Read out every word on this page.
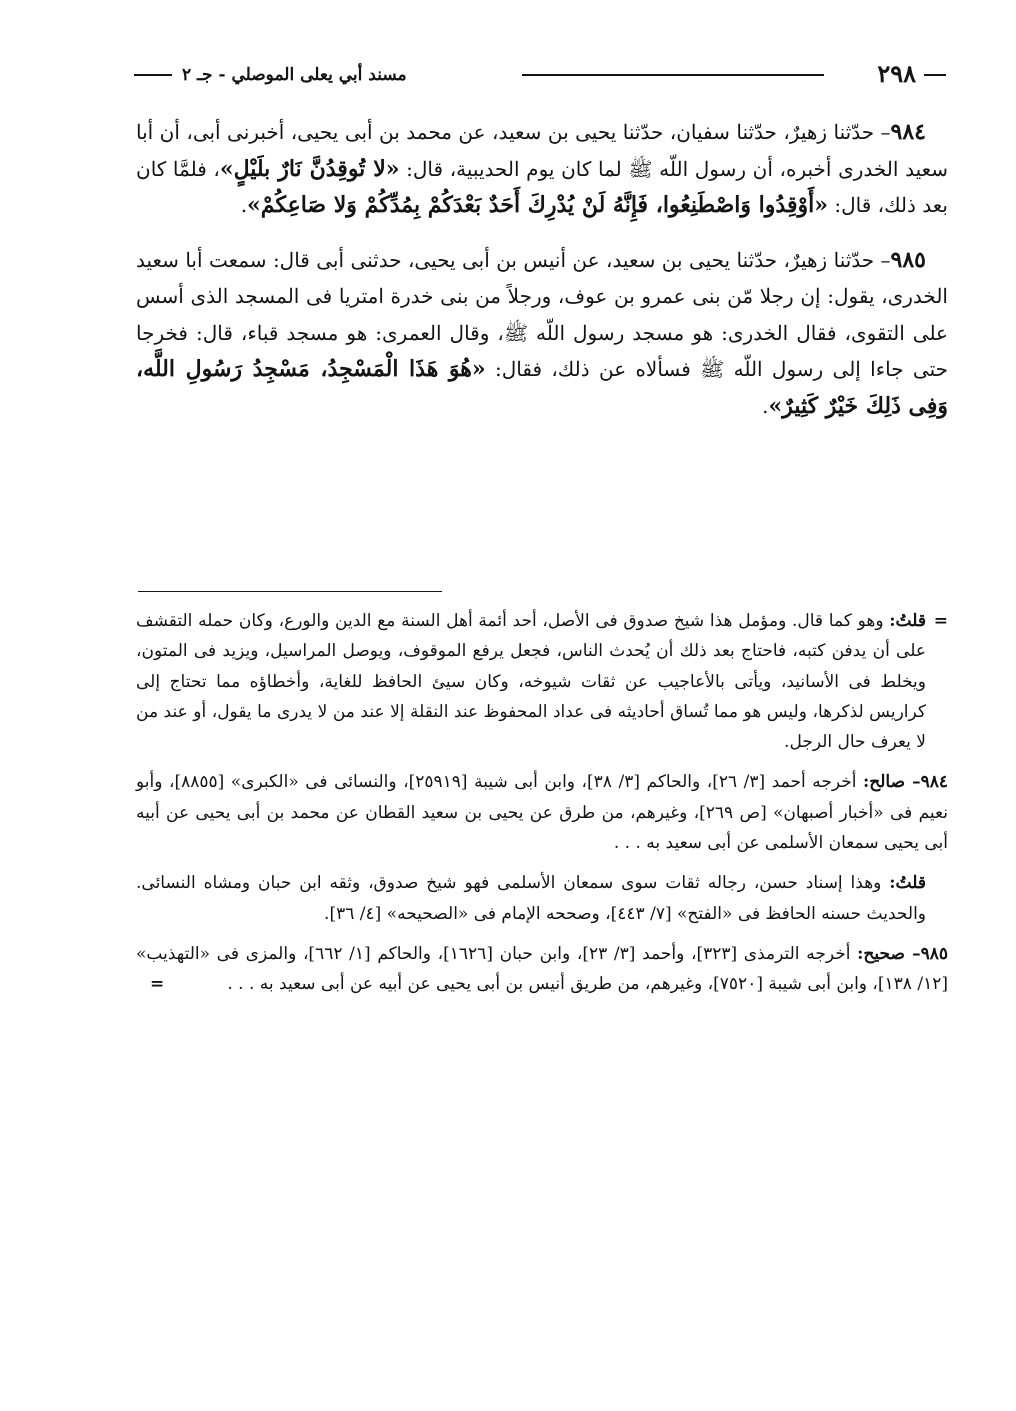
٢٩٨
مسند أبي يعلى الموصلي - جـ ٢

٩٨٤– حدّثنا زهيرٌ، حدّثنا سفيان، حدّثنا يحيى بن سعيد، عن محمد بن أبى يحيى، أخبرنى أبى، أن أبا سعيد الخدرى أخبره، أن رسول اللّه ﷺ لما كان يوم الحديبية، قال: «لا تُوقِدُنَّ نَارٌ بلَيْلٍ»، فلمَّا كان بعد ذلك، قال: «أَوْقِدُوا وَاصْطَنِعُوا، فَإِنَّهُ لَنْ يُدْرِكَ أَحَدٌ بَعْدَكُمْ بِمُدِّكُمْ وَلا صَاعِكُمْ».

٩٨٥– حدّثنا زهيرٌ، حدّثنا يحيى بن سعيد، عن أنيس بن أبى يحيى، حدثنى أبى قال: سمعت أبا سعيد الخدرى، يقول: إن رجلا مّن بنى عمرو بن عوف، ورجلاً من بنى خدرة امتريا فى المسجد الذى أسس على التقوى، فقال الخدرى: هو مسجد رسول اللّه ﷺ، وقال العمرى: هو مسجد قباء، قال: فخرجا حتى جاءا إلى رسول اللّه ﷺ فسألاه عن ذلك، فقال: «هُوَ هَذَا الْمَسْجِدُ، مَسْجِدُ رَسُولِ اللَّه، وَفِى ذَلِكَ خَيْرٌ كَثِيرٌ».

=
قلتُ: وهو كما قال. ومؤمل هذا شيخ صدوق فى الأصل، أحد أئمة أهل السنة مع الدين والورع، وكان حمله التقشف على أن يدفن كتبه، فاحتاج بعد ذلك أن يُحدث الناس، فجعل يرفع الموقوف، ويوصل المراسيل، ويزيد فى المتون، ويخلط فى الأسانيد، ويأتى بالأعاجيب عن ثقات شيوخه، وكان سيئ الحافظ للغاية، وأخطاؤه مما تحتاج إلى كراريس لذكرها، وليس هو مما تُساق أحاديثه فى عداد المحفوظ عند النقلة إلا عند من لا يدرى ما يقول، أو عند من لا يعرف حال الرجل.

٩٨٤– صالح: أخرجه أحمد [٣/ ٢٦]، والحاكم [٣/ ٣٨]، وابن أبى شيبة [٢٥٩١٩]، والنسائى فى «الكبرى» [٨٨٥٥]، وأبو نعيم فى «أخبار أصبهان» [ص ٢٦٩]، وغيرهم، من طرق عن يحيى بن سعيد القطان عن محمد بن أبى يحيى عن أبيه أبى يحيى سمعان الأسلمى عن أبى سعيد به . . .

قلتُ: وهذا إسناد حسن، رجاله ثقات سوى سمعان الأسلمى فهو شيخ صدوق، وثقه ابن حبان ومشاه النسائى. والحديث حسنه الحافظ فى «الفتح» [٧/ ٤٤٣]، وصححه الإمام فى «الصحيحه» [٤/ ٣٦].

٩٨٥– صحيح: أخرجه الترمذى [٣٢٣]، وأحمد [٣/ ٢٣]، وابن حبان [١٦٢٦]، والحاكم [١/ ٦٦٢]، والمزى فى «التهذيب» [١٢/ ١٣٨]، وابن أبى شيبة [٧٥٢٠]، وغيرهم، من طريق أنيس بن أبى يحيى عن أبيه عن أبى سعيد به . . .
=
